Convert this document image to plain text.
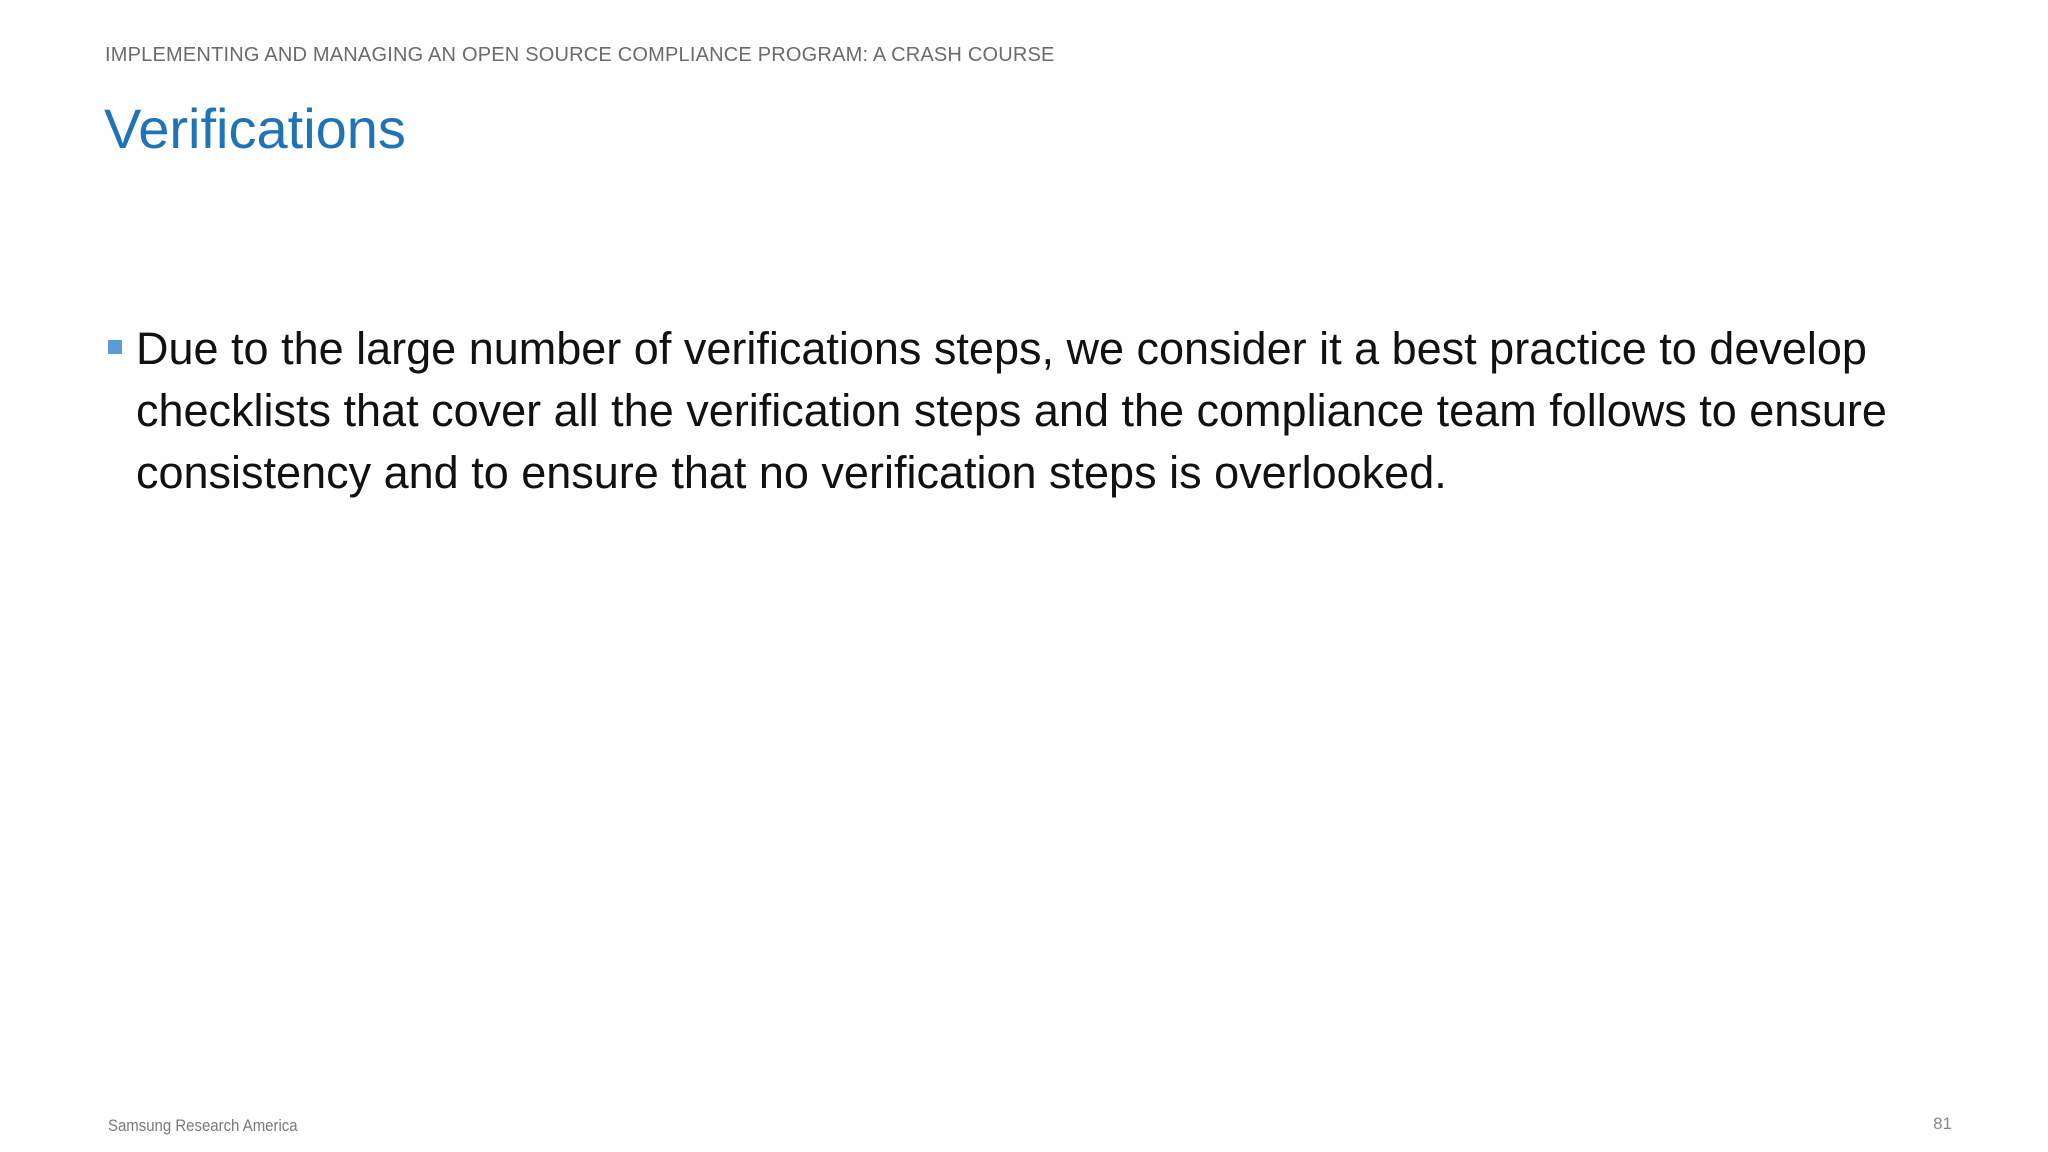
IMPLEMENTING AND MANAGING AN OPEN SOURCE COMPLIANCE PROGRAM: A CRASH COURSE
Verifications
Due to the large number of verifications steps, we consider it a best practice to develop checklists that cover all the verification steps and the compliance team follows to ensure consistency and to ensure that no verification steps is overlooked.
Samsung Research America	81
